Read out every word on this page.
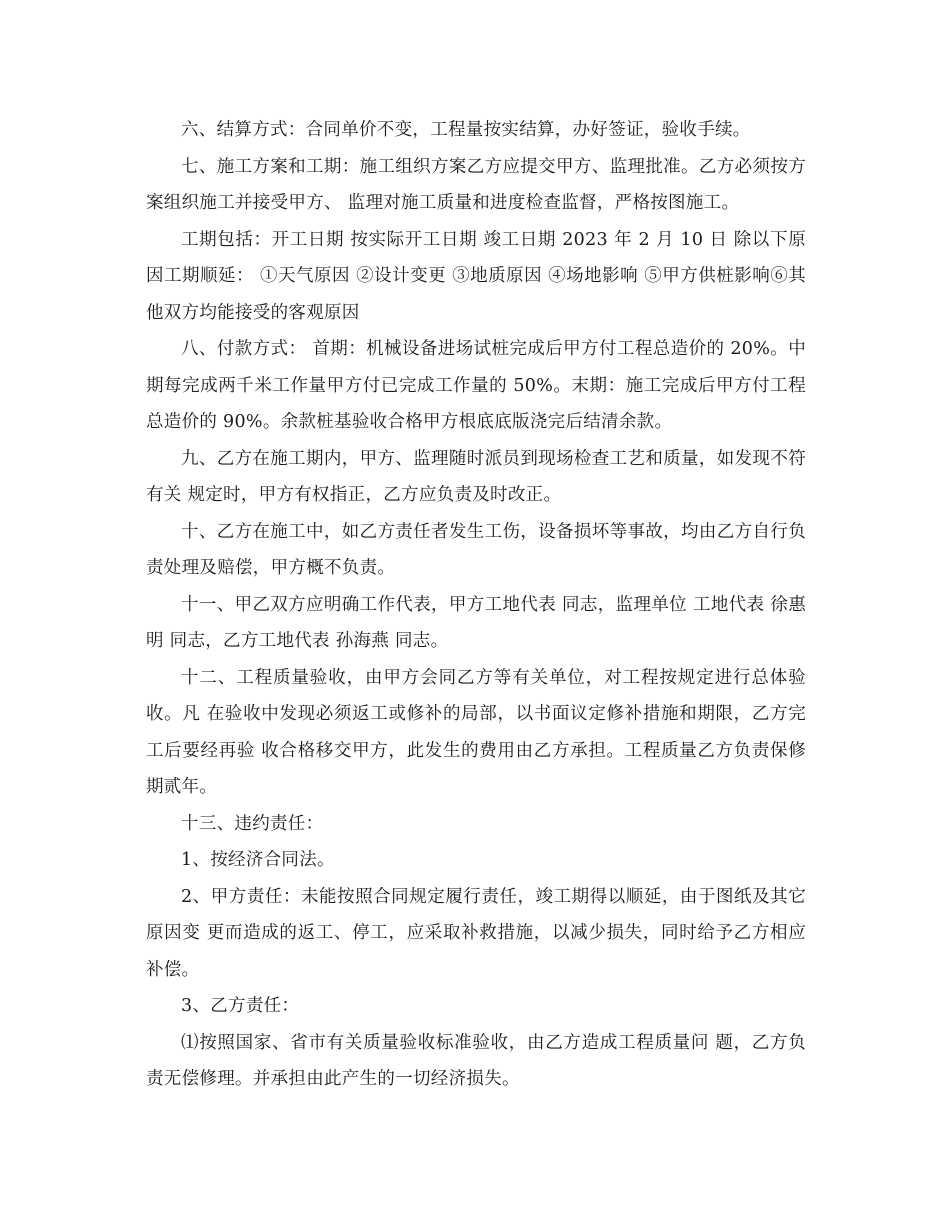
六、结算方式：合同单价不变，工程量按实结算，办好签证，验收手续。

七、施工方案和工期：施工组织方案乙方应提交甲方、监理批准。乙方必须按方案组织施工并接受甲方、 监理对施工质量和进度检查监督，严格按图施工。

工期包括：开工日期 按实际开工日期 竣工日期 2023 年 2 月 10 日 除以下原因工期顺延： ①天气原因 ②设计变更 ③地质原因 ④场地影响 ⑤甲方供桩影响⑥其他双方均能接受的客观原因

八、付款方式： 首期：机械设备进场试桩完成后甲方付工程总造价的 20%。中期每完成两千米工作量甲方付已完成工作量的 50%。末期：施工完成后甲方付工程总造价的 90%。余款桩基验收合格甲方根底底版浇完后结清余款。

九、乙方在施工期内，甲方、监理随时派员到现场检查工艺和质量，如发现不符有关 规定时，甲方有权指正，乙方应负责及时改正。

十、乙方在施工中，如乙方责任者发生工伤，设备损坏等事故，均由乙方自行负责处理及赔偿，甲方概不负责。

十一、甲乙双方应明确工作代表，甲方工地代表 同志，监理单位 工地代表 徐惠明 同志，乙方工地代表 孙海燕 同志。

十二、工程质量验收，由甲方会同乙方等有关单位，对工程按规定进行总体验收。凡 在验收中发现必须返工或修补的局部，以书面议定修补措施和期限，乙方完工后要经再验 收合格移交甲方，此发生的费用由乙方承担。工程质量乙方负责保修期贰年。

十三、违约责任：

1、按经济合同法。

2、甲方责任：未能按照合同规定履行责任，竣工期得以顺延，由于图纸及其它原因变 更而造成的返工、停工，应采取补救措施，以减少损失，同时给予乙方相应补偿。

3、乙方责任：

⑴按照国家、省市有关质量验收标准验收，由乙方造成工程质量问 题，乙方负责无偿修理。并承担由此产生的一切经济损失。
